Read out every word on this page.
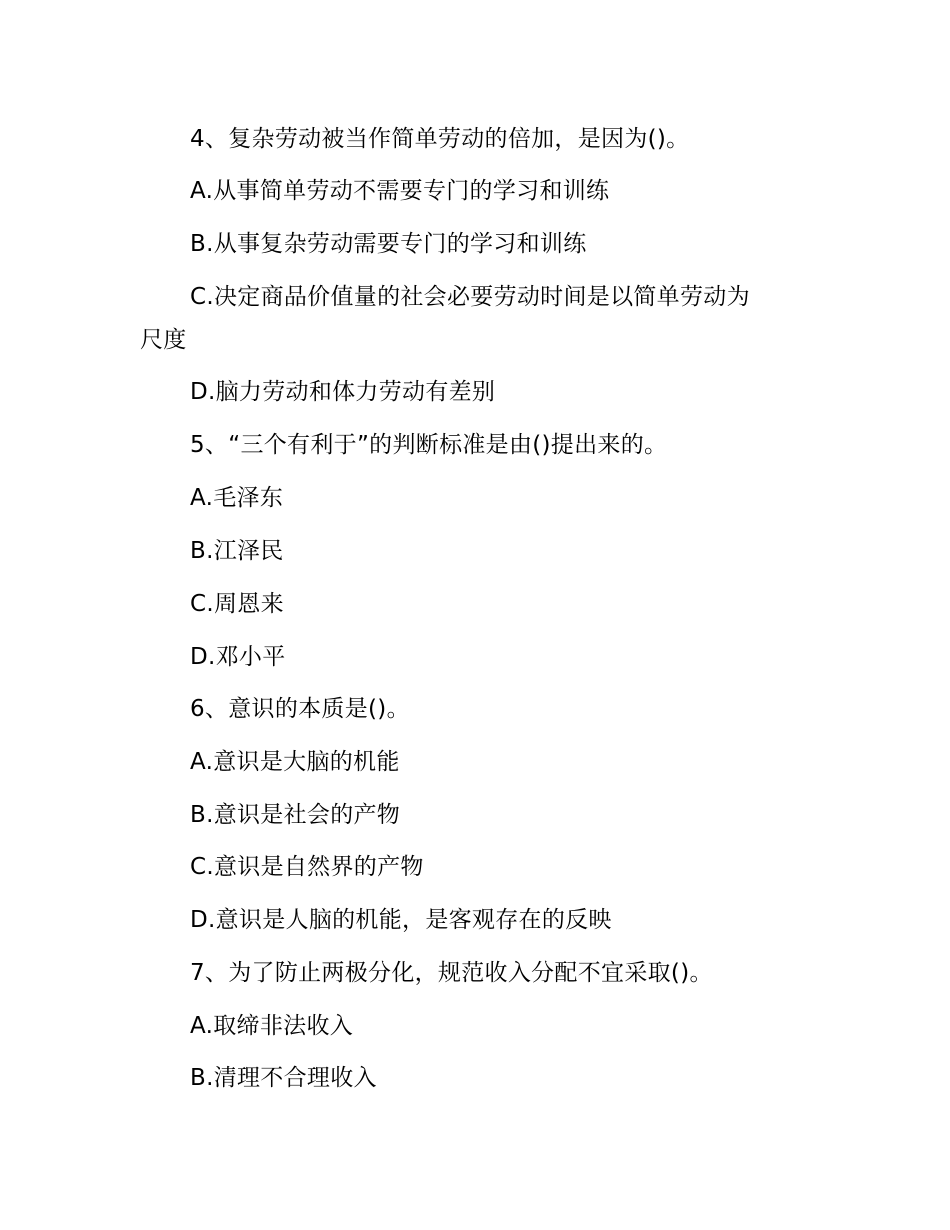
4、复杂劳动被当作简单劳动的倍加，是因为()。
A.从事简单劳动不需要专门的学习和训练
B.从事复杂劳动需要专门的学习和训练
C.决定商品价值量的社会必要劳动时间是以简单劳动为
尺度
D.脑力劳动和体力劳动有差别
5、“三个有利于”的判断标准是由()提出来的。
A.毛泽东
B.江泽民
C.周恩来
D.邓小平
6、意识的本质是()。
A.意识是大脑的机能
B.意识是社会的产物
C.意识是自然界的产物
D.意识是人脑的机能，是客观存在的反映
7、为了防止两极分化，规范收入分配不宜采取()。
A.取缔非法收入
B.清理不合理收入
